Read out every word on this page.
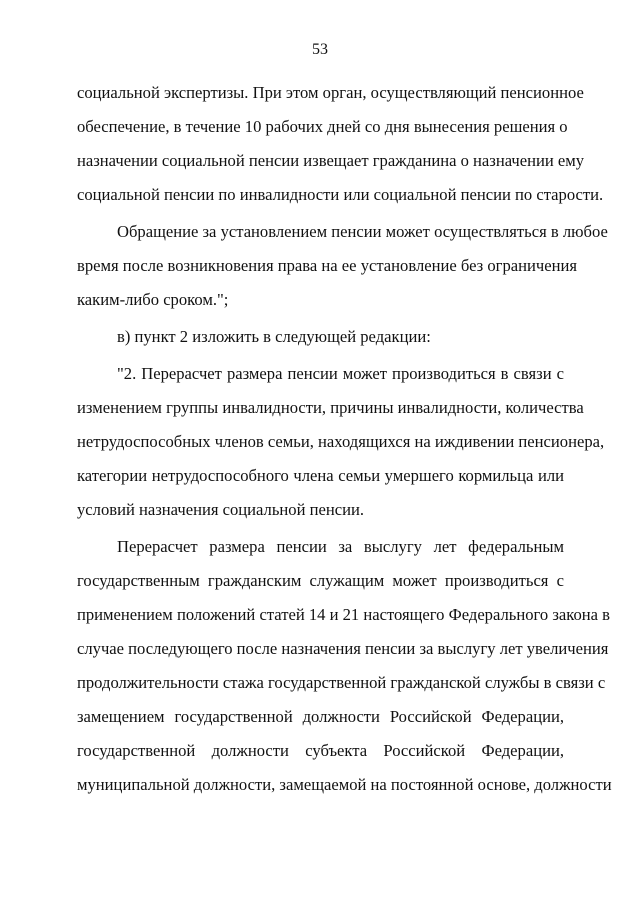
53
социальной экспертизы. При этом орган, осуществляющий пенсионное
обеспечение, в течение 10 рабочих дней со дня вынесения решения о
назначении социальной пенсии извещает гражданина о назначении ему
социальной пенсии по инвалидности или социальной пенсии по старости.
Обращение за установлением пенсии может осуществляться в любое
время после возникновения права на ее установление без ограничения
каким-либо сроком.";
в) пункт 2 изложить в следующей редакции:
"2. Перерасчет размера пенсии может производиться в связи с
изменением группы инвалидности, причины инвалидности, количества
нетрудоспособных членов семьи, находящихся на иждивении пенсионера,
категории нетрудоспособного члена семьи умершего кормильца или
условий назначения социальной пенсии.
Перерасчет размера пенсии за выслугу лет федеральным
государственным гражданским служащим может производиться с
применением положений статей 14 и 21 настоящего Федерального закона в
случае последующего после назначения пенсии за выслугу лет увеличения
продолжительности стажа государственной гражданской службы в связи с
замещением государственной должности Российской Федерации,
государственной должности субъекта Российской Федерации,
муниципальной должности, замещаемой на постоянной основе, должности
